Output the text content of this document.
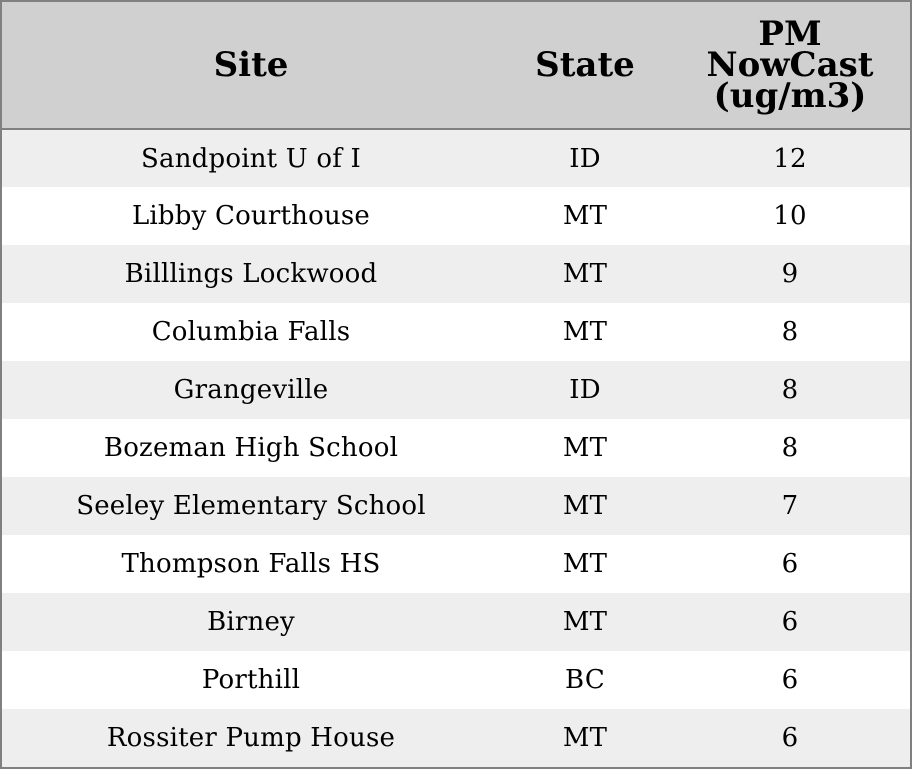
Site	State	PM
NowCast
(ug/m3)

Sandpoint U of I	ID	12
Libby Courthouse	MT	10
Billlings Lockwood	MT	9
Columbia Falls	MT	8
Grangeville	ID	8
Bozeman High School	MT	8
Seeley Elementary School	MT	7
Thompson Falls HS	MT	6
Birney	MT	6
Porthill	BC	6
Rossiter Pump House	MT	6
